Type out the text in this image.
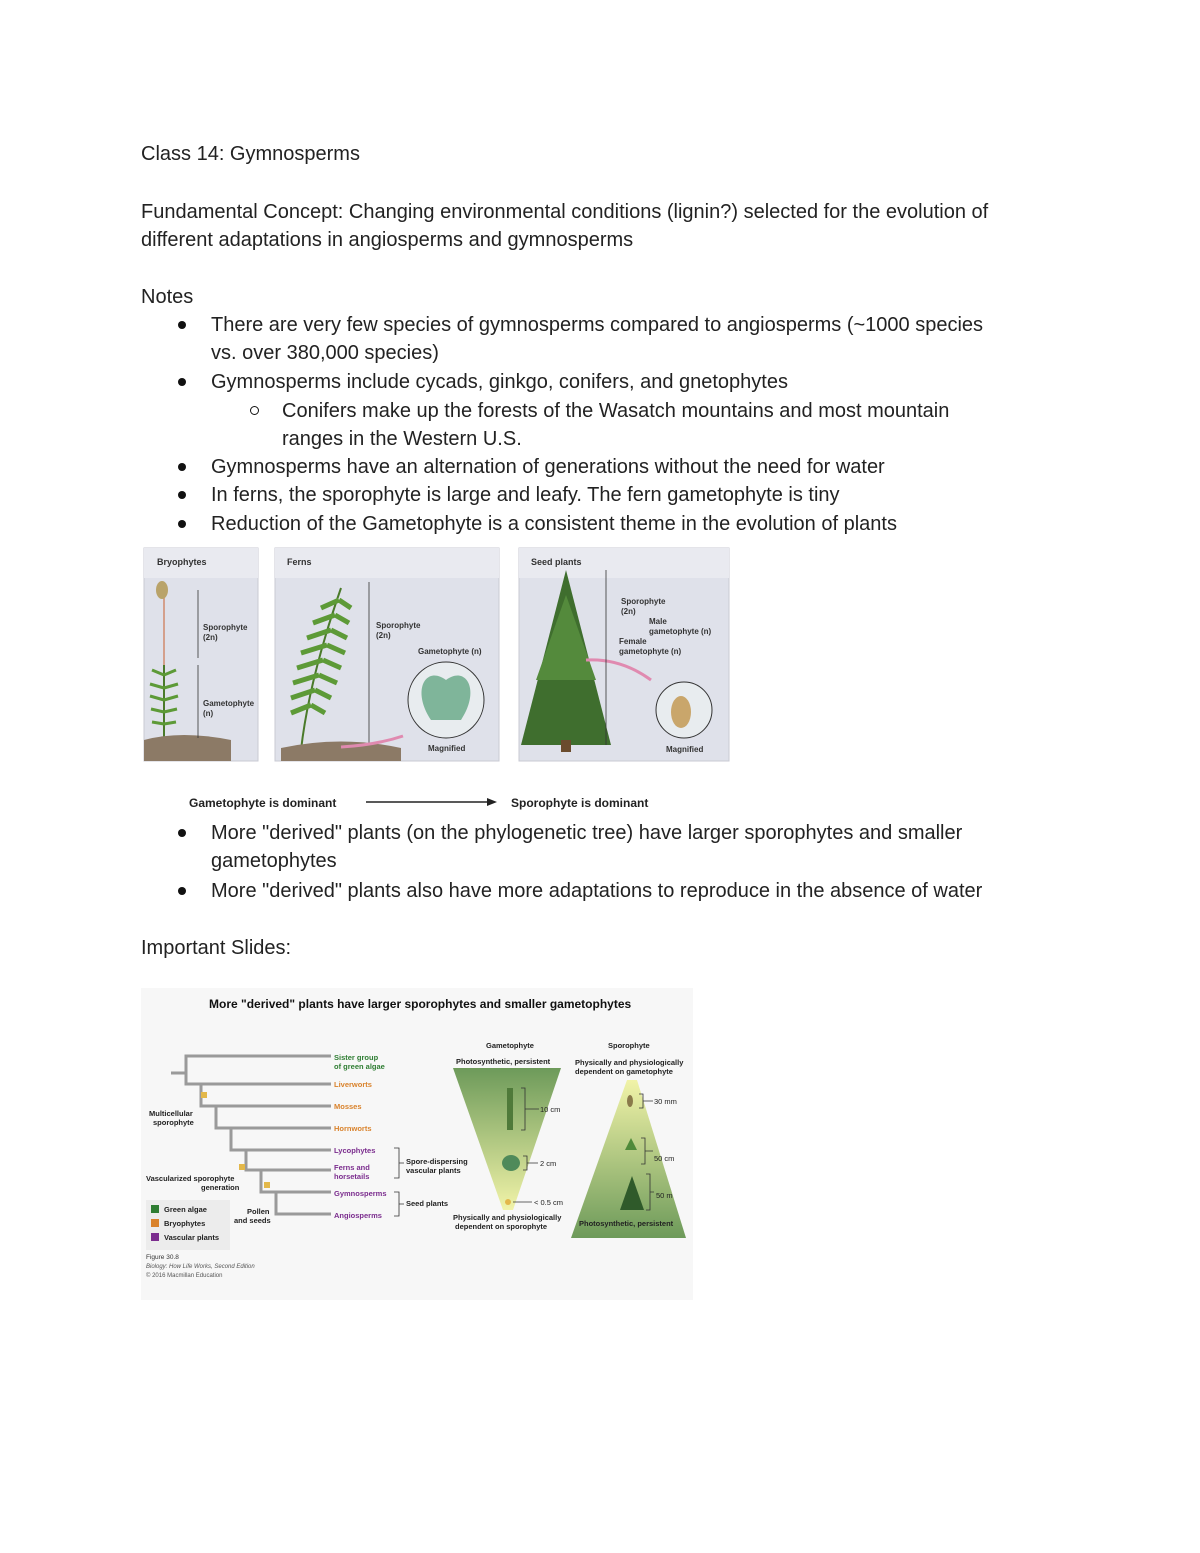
Class 14: Gymnosperms
Fundamental Concept: Changing environmental conditions (lignin?) selected for the evolution of
different adaptations in angiosperms and gymnosperms
Notes
There are very few species of gymnosperms compared to angiosperms (~1000 species
vs. over 380,000 species)
Gymnosperms include cycads, ginkgo, conifers, and gnetophytes
Conifers make up the forests of the Wasatch mountains and most mountain
ranges in the Western U.S.
Gymnosperms have an alternation of generations without the need for water
In ferns, the sporophyte is large and leafy. The fern gametophyte is tiny
Reduction of the Gametophyte is a consistent theme in the evolution of plants
Bryophytes
Sporophyte
(2n)
Gametophyte
(n)
Ferns
Sporophyte
(2n)
Gametophyte (n)
Magnified
Seed plants
Sporophyte
(2n)
Male
gametophyte (n)
Female
gametophyte (n)
Magnified
Gametophyte is dominant	Sporophyte is dominant
More "derived" plants (on the phylogenetic tree) have larger sporophytes and smaller
gametophytes
More "derived" plants also have more adaptations to reproduce in the absence of water
Important Slides:
More "derived" plants have larger sporophytes and smaller gametophytes
Sister group
of green algae
Liverworts
Mosses
Hornworts
Lycophytes
Ferns and
horsetails
Gymnosperms
Angiosperms
Spore-dispersing
vascular plants
Seed plants
Multicellular
sporophyte
Vascularized sporophyte
generation
Pollen
and seeds
Green algae
Bryophytes
Vascular plants
Figure 30.8
Biology: How Life Works, Second Edition
© 2016 Macmillan Education
Gametophyte
Photosynthetic, persistent
10 cm
2 cm
< 0.5 cm
Physically and physiologically
dependent on sporophyte
Sporophyte
Physically and physiologically
dependent on gametophyte
30 mm
50 cm
50 m
Photosynthetic, persistent
